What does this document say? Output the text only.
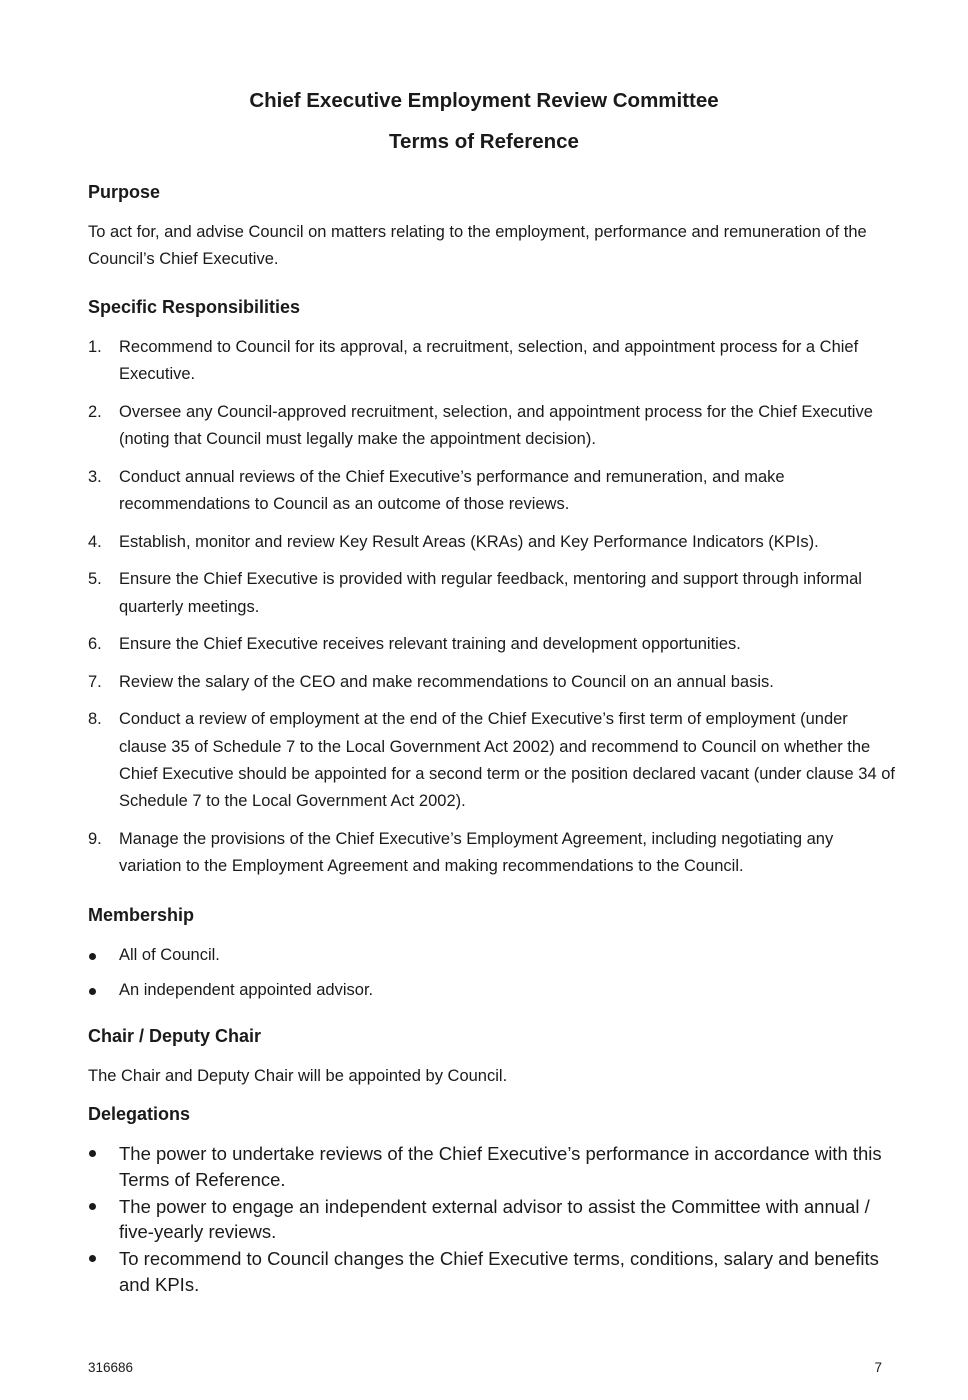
Chief Executive Employment Review Committee
Terms of Reference
Purpose

To act for, and advise Council on matters relating to the employment, performance and remuneration of the Council’s Chief Executive.

Specific Responsibilities
1. Recommend to Council for its approval, a recruitment, selection, and appointment process for a Chief Executive.
2. Oversee any Council-approved recruitment, selection, and appointment process for the Chief Executive (noting that Council must legally make the appointment decision).
3. Conduct annual reviews of the Chief Executive’s performance and remuneration, and make recommendations to Council as an outcome of those reviews.
4. Establish, monitor and review Key Result Areas (KRAs) and Key Performance Indicators (KPIs).
5. Ensure the Chief Executive is provided with regular feedback, mentoring and support through informal quarterly meetings.
6. Ensure the Chief Executive receives relevant training and development opportunities.
7. Review the salary of the CEO and make recommendations to Council on an annual basis.
8. Conduct a review of employment at the end of the Chief Executive’s first term of employment (under clause 35 of Schedule 7 to the Local Government Act 2002) and recommend to Council on whether the Chief Executive should be appointed for a second term or the position declared vacant (under clause 34 of Schedule 7 to the Local Government Act 2002).
9. Manage the provisions of the Chief Executive’s Employment Agreement, including negotiating any variation to the Employment Agreement and making recommendations to the Council.
Membership
All of Council.
An independent appointed advisor.
Chair / Deputy Chair

The Chair and Deputy Chair will be appointed by Council.

Delegations
The power to undertake reviews of the Chief Executive’s performance in accordance with this Terms of Reference.
The power to engage an independent external advisor to assist the Committee with annual / five-yearly reviews.
To recommend to Council changes the Chief Executive terms, conditions, salary and benefits and KPIs.
316686	7
